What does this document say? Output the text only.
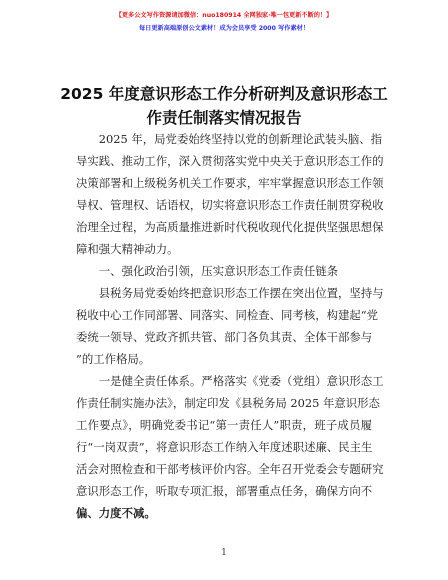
【更多公文写作资源请加微信：nuo180914 全网独家·唯一包更新不断的！】
每日更新高端原创公文素材！成为会员享受 2000 写作素材！
2025 年度意识形态工作分析研判及意识形态工
作责任制落实情况报告
　　2025 年，局党委始终坚持以党的创新理论武装头脑、指
导实践、推动工作，深入贯彻落实党中央关于意识形态工作的
决策部署和上级税务机关工作要求，牢牢掌握意识形态工作领
导权、管理权、话语权，切实将意识形态工作责任制贯穿税收
治理全过程，为高质量推进新时代税收现代化提供坚强思想保
障和强大精神动力。
　　一、强化政治引领，压实意识形态工作责任链条
　　县税务局党委始终把意识形态工作摆在突出位置，坚持与
税收中心工作同部署、同落实、同检查、同考核，构建起“党
委统一领导、党政齐抓共管、部门各负其责、全体干部参与
”的工作格局。
　　一是健全责任体系。严格落实《党委（党组）意识形态工
作责任制实施办法》，制定印发《县税务局 2025 年意识形态
工作要点》，明确党委书记“第一责任人”职责，班子成员履
行“一岗双责”，将意识形态工作纳入年度述职述廉、民主生
活会对照检查和干部考核评价内容。全年召开党委会专题研究
意识形态工作，听取专项汇报，部署重点任务，确保方向不
偏、力度不减。
1
